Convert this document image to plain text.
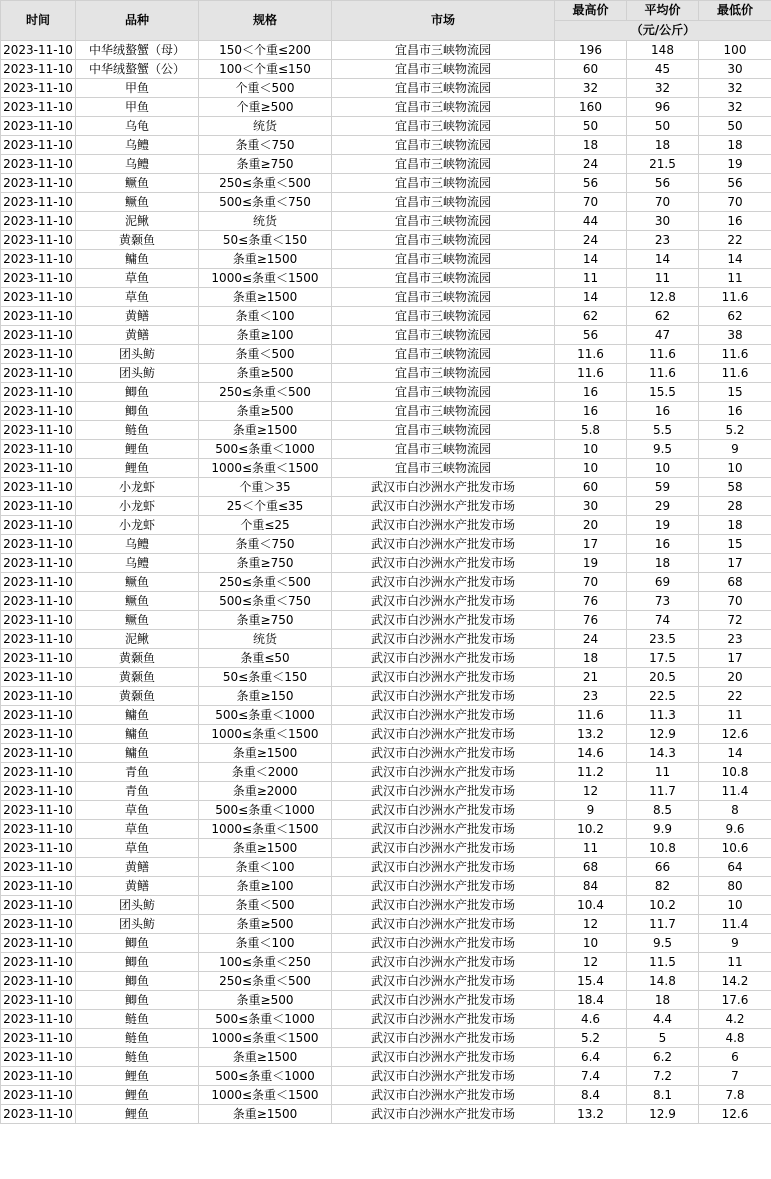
时间	品种	规格	市场	最高价	平均价	最低价
				（元/公斤）		
2023-11-10	中华绒螯蟹（母）	150＜个重≤200	宜昌市三峡物流园	196	148	100
2023-11-10	中华绒螯蟹（公）	100＜个重≤150	宜昌市三峡物流园	60	45	30
2023-11-10	甲鱼	个重＜500	宜昌市三峡物流园	32	32	32
2023-11-10	甲鱼	个重≥500	宜昌市三峡物流园	160	96	32
2023-11-10	乌龟	统货	宜昌市三峡物流园	50	50	50
2023-11-10	乌鳢	条重＜750	宜昌市三峡物流园	18	18	18
2023-11-10	乌鳢	条重≥750	宜昌市三峡物流园	24	21.5	19
2023-11-10	鳜鱼	250≤条重＜500	宜昌市三峡物流园	56	56	56
2023-11-10	鳜鱼	500≤条重＜750	宜昌市三峡物流园	70	70	70
2023-11-10	泥鳅	统货	宜昌市三峡物流园	44	30	16
2023-11-10	黄颡鱼	50≤条重＜150	宜昌市三峡物流园	24	23	22
2023-11-10	鳙鱼	条重≥1500	宜昌市三峡物流园	14	14	14
2023-11-10	草鱼	1000≤条重＜1500	宜昌市三峡物流园	11	11	11
2023-11-10	草鱼	条重≥1500	宜昌市三峡物流园	14	12.8	11.6
2023-11-10	黄鳝	条重＜100	宜昌市三峡物流园	62	62	62
2023-11-10	黄鳝	条重≥100	宜昌市三峡物流园	56	47	38
2023-11-10	团头鲂	条重＜500	宜昌市三峡物流园	11.6	11.6	11.6
2023-11-10	团头鲂	条重≥500	宜昌市三峡物流园	11.6	11.6	11.6
2023-11-10	鲫鱼	250≤条重＜500	宜昌市三峡物流园	16	15.5	15
2023-11-10	鲫鱼	条重≥500	宜昌市三峡物流园	16	16	16
2023-11-10	鲢鱼	条重≥1500	宜昌市三峡物流园	5.8	5.5	5.2
2023-11-10	鲤鱼	500≤条重＜1000	宜昌市三峡物流园	10	9.5	9
2023-11-10	鲤鱼	1000≤条重＜1500	宜昌市三峡物流园	10	10	10
2023-11-10	小龙虾	个重＞35	武汉市白沙洲水产批发市场	60	59	58
2023-11-10	小龙虾	25＜个重≤35	武汉市白沙洲水产批发市场	30	29	28
2023-11-10	小龙虾	个重≤25	武汉市白沙洲水产批发市场	20	19	18
2023-11-10	乌鳢	条重＜750	武汉市白沙洲水产批发市场	17	16	15
2023-11-10	乌鳢	条重≥750	武汉市白沙洲水产批发市场	19	18	17
2023-11-10	鳜鱼	250≤条重＜500	武汉市白沙洲水产批发市场	70	69	68
2023-11-10	鳜鱼	500≤条重＜750	武汉市白沙洲水产批发市场	76	73	70
2023-11-10	鳜鱼	条重≥750	武汉市白沙洲水产批发市场	76	74	72
2023-11-10	泥鳅	统货	武汉市白沙洲水产批发市场	24	23.5	23
2023-11-10	黄颡鱼	条重≤50	武汉市白沙洲水产批发市场	18	17.5	17
2023-11-10	黄颡鱼	50≤条重＜150	武汉市白沙洲水产批发市场	21	20.5	20
2023-11-10	黄颡鱼	条重≥150	武汉市白沙洲水产批发市场	23	22.5	22
2023-11-10	鳙鱼	500≤条重＜1000	武汉市白沙洲水产批发市场	11.6	11.3	11
2023-11-10	鳙鱼	1000≤条重＜1500	武汉市白沙洲水产批发市场	13.2	12.9	12.6
2023-11-10	鳙鱼	条重≥1500	武汉市白沙洲水产批发市场	14.6	14.3	14
2023-11-10	青鱼	条重＜2000	武汉市白沙洲水产批发市场	11.2	11	10.8
2023-11-10	青鱼	条重≥2000	武汉市白沙洲水产批发市场	12	11.7	11.4
2023-11-10	草鱼	500≤条重＜1000	武汉市白沙洲水产批发市场	9	8.5	8
2023-11-10	草鱼	1000≤条重＜1500	武汉市白沙洲水产批发市场	10.2	9.9	9.6
2023-11-10	草鱼	条重≥1500	武汉市白沙洲水产批发市场	11	10.8	10.6
2023-11-10	黄鳝	条重＜100	武汉市白沙洲水产批发市场	68	66	64
2023-11-10	黄鳝	条重≥100	武汉市白沙洲水产批发市场	84	82	80
2023-11-10	团头鲂	条重＜500	武汉市白沙洲水产批发市场	10.4	10.2	10
2023-11-10	团头鲂	条重≥500	武汉市白沙洲水产批发市场	12	11.7	11.4
2023-11-10	鲫鱼	条重＜100	武汉市白沙洲水产批发市场	10	9.5	9
2023-11-10	鲫鱼	100≤条重＜250	武汉市白沙洲水产批发市场	12	11.5	11
2023-11-10	鲫鱼	250≤条重＜500	武汉市白沙洲水产批发市场	15.4	14.8	14.2
2023-11-10	鲫鱼	条重≥500	武汉市白沙洲水产批发市场	18.4	18	17.6
2023-11-10	鲢鱼	500≤条重＜1000	武汉市白沙洲水产批发市场	4.6	4.4	4.2
2023-11-10	鲢鱼	1000≤条重＜1500	武汉市白沙洲水产批发市场	5.2	5	4.8
2023-11-10	鲢鱼	条重≥1500	武汉市白沙洲水产批发市场	6.4	6.2	6
2023-11-10	鲤鱼	500≤条重＜1000	武汉市白沙洲水产批发市场	7.4	7.2	7
2023-11-10	鲤鱼	1000≤条重＜1500	武汉市白沙洲水产批发市场	8.4	8.1	7.8
2023-11-10	鲤鱼	条重≥1500	武汉市白沙洲水产批发市场	13.2	12.9	12.6
